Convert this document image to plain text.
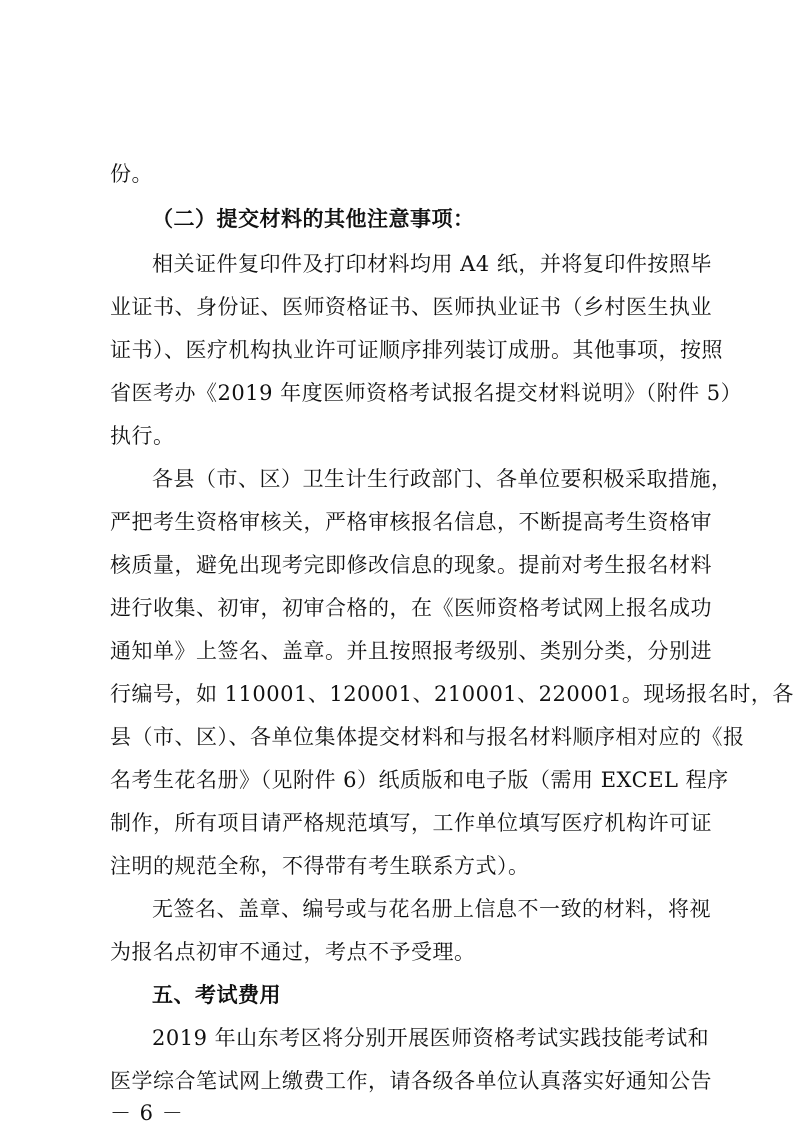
份。
（二）提交材料的其他注意事项：
相关证件复印件及打印材料均用 A4 纸，并将复印件按照毕
业证书、身份证、医师资格证书、医师执业证书（乡村医生执业
证书）、医疗机构执业许可证顺序排列装订成册。其他事项，按照
省医考办《2019 年度医师资格考试报名提交材料说明》（附件 5）
执行。
各县（市、区）卫生计生行政部门、各单位要积极采取措施，
严把考生资格审核关，严格审核报名信息，不断提高考生资格审
核质量，避免出现考完即修改信息的现象。提前对考生报名材料
进行收集、初审，初审合格的，在《医师资格考试网上报名成功
通知单》上签名、盖章。并且按照报考级别、类别分类，分别进
行编号，如 110001、120001、210001、220001。现场报名时，各
县（市、区）、各单位集体提交材料和与报名材料顺序相对应的《报
名考生花名册》（见附件 6）纸质版和电子版（需用 EXCEL 程序
制作，所有项目请严格规范填写，工作单位填写医疗机构许可证
注明的规范全称，不得带有考生联系方式）。
无签名、盖章、编号或与花名册上信息不一致的材料，将视
为报名点初审不通过，考点不予受理。
五、考试费用
2019 年山东考区将分别开展医师资格考试实践技能考试和
医学综合笔试网上缴费工作，请各级各单位认真落实好通知公告
－ 6 －
